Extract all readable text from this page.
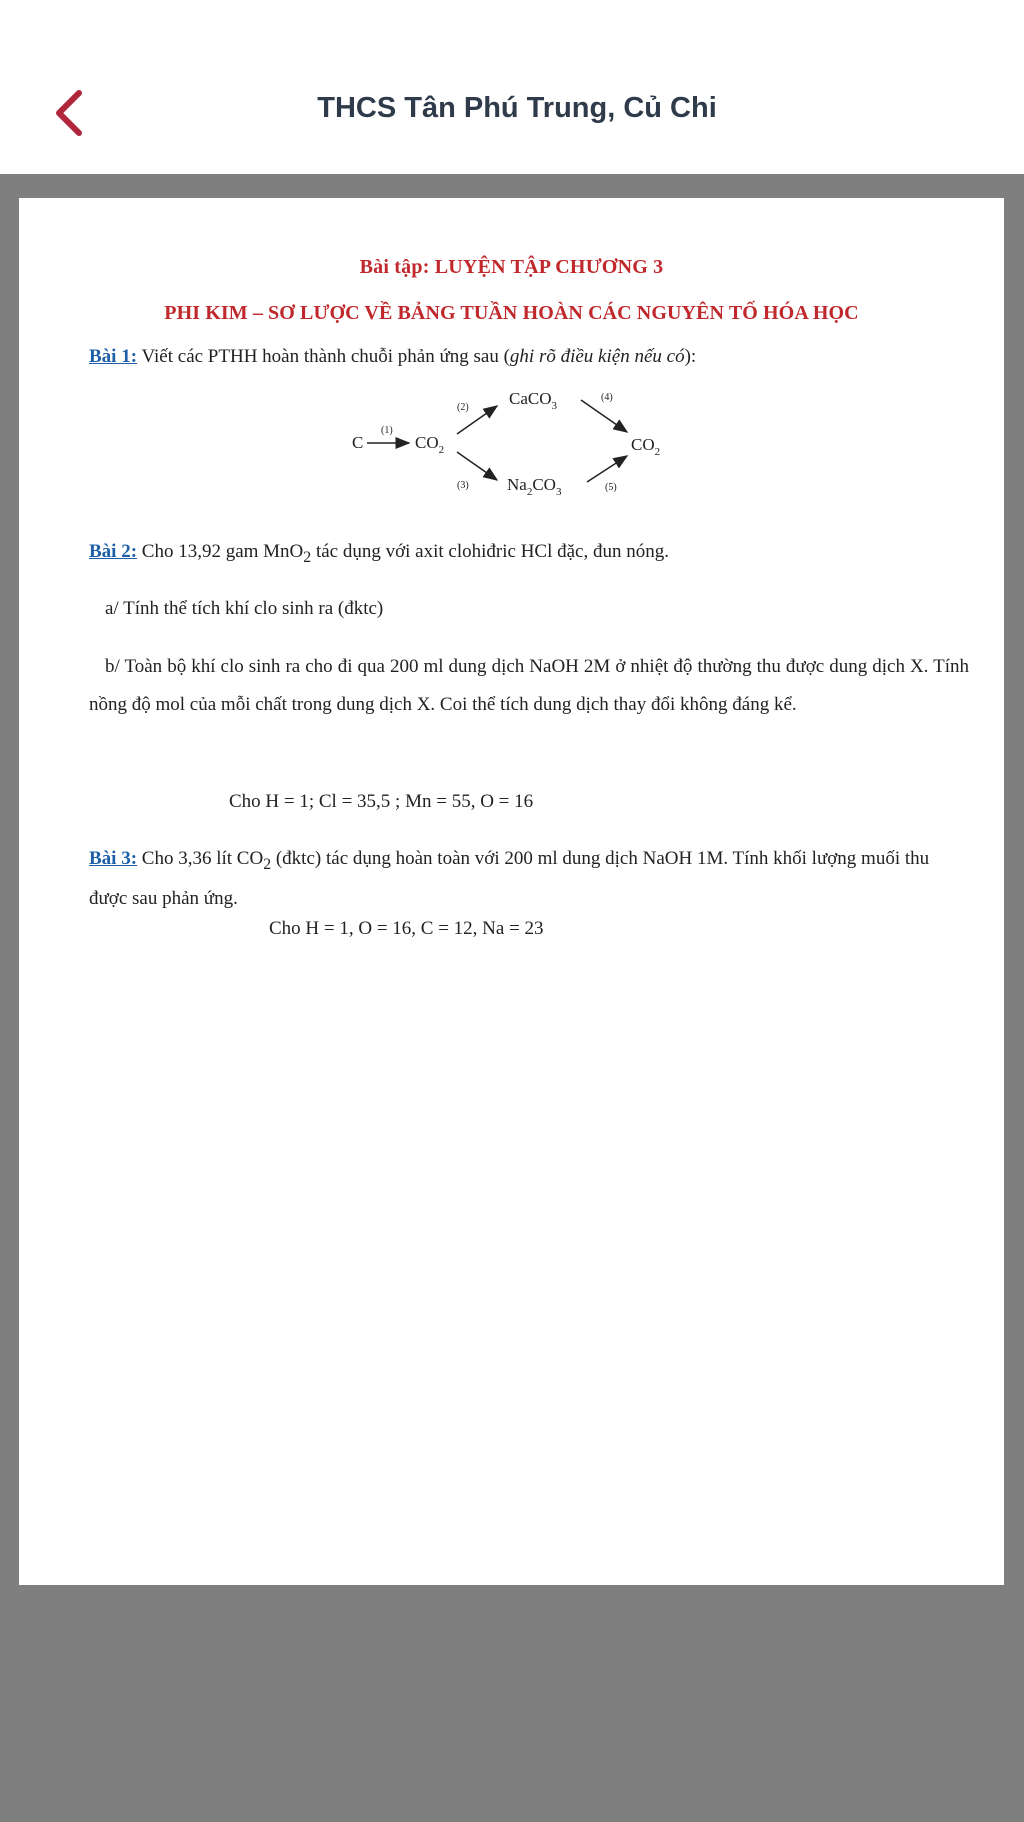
THCS Tân Phú Trung, Củ Chi
Bài tập: LUYỆN TẬP CHƯƠNG 3
PHI KIM – SƠ LƯỢC VỀ BẢNG TUẦN HOÀN CÁC NGUYÊN TỐ HÓA HỌC
Bài 1: Viết các PTHH hoàn thành chuỗi phản ứng sau (ghi rõ điều kiện nếu có):
C
(1)
$CO_2$
(2) CaCO$_3$
(3) $Na_2CO_3$
(4)
(5)
$CO_2$
Bài 2: Cho 13,92 gam MnO$_2$ tác dụng với axit clohiđric HCl đặc, đun nóng.
a/ Tính thể tích khí clo sinh ra (đktc)
b/ Toàn bộ khí clo sinh ra cho đi qua 200 ml dung dịch NaOH 2M ở nhiệt độ thường thu được dung dịch X. Tính nồng độ mol của mỗi chất trong dung dịch X. Coi thể tích dung dịch thay đổi không đáng kể.
Cho H = 1; Cl = 35,5 ; Mn = 55, O = 16
Bài 3: Cho 3,36 lít $CO_2$ (đktc) tác dụng hoàn toàn với 200 ml dung dịch NaOH 1M. Tính khối lượng muối thu được sau phản ứng.
Cho H = 1, O = 16, C = 12, Na = 23
